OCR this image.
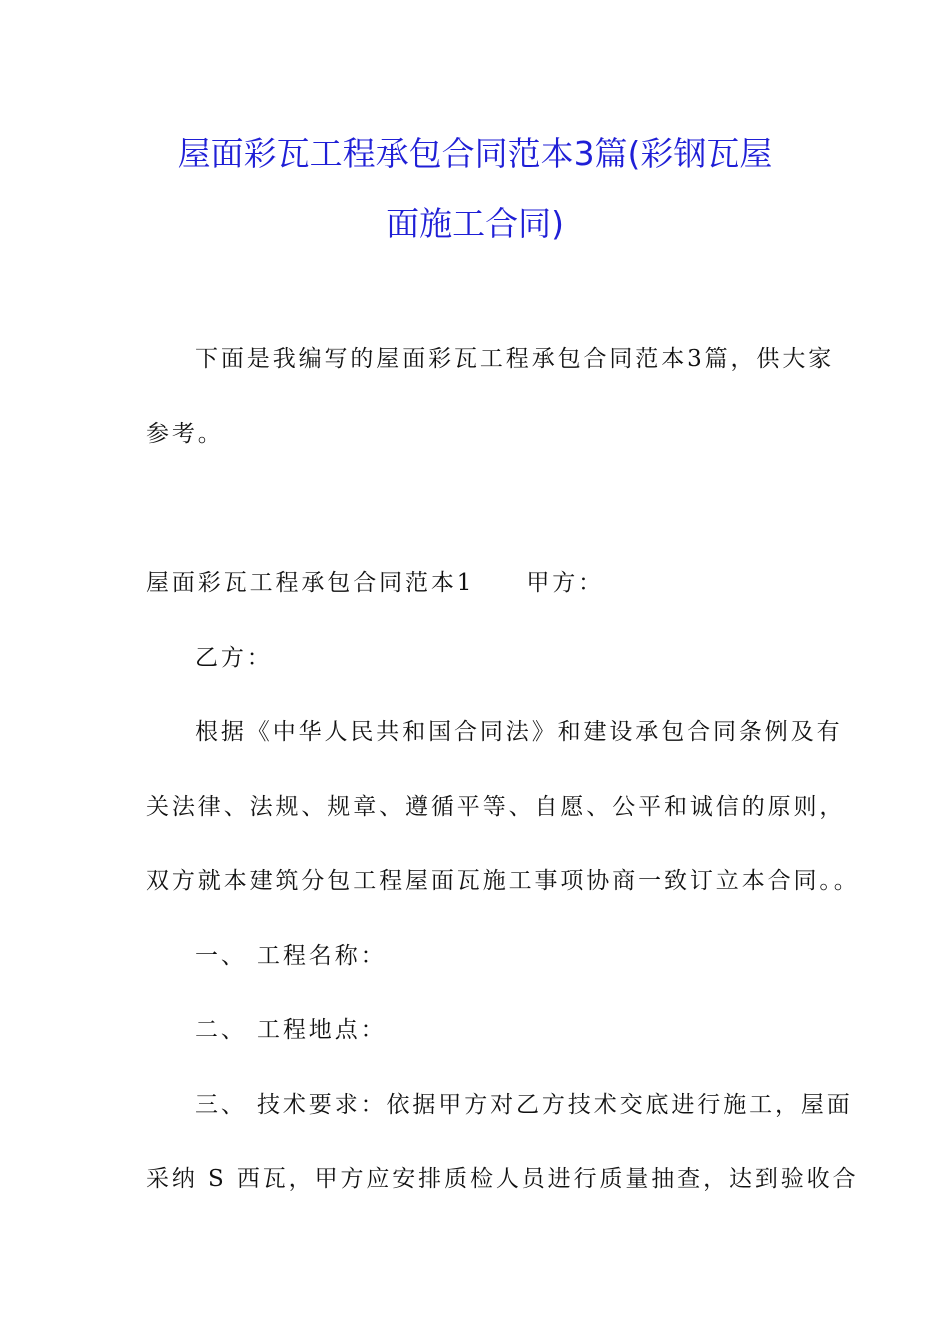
屋面彩瓦工程承包合同范本3篇(彩钢瓦屋
面施工合同)

下面是我编写的屋面彩瓦工程承包合同范本3篇，供大家

参考。

屋面彩瓦工程承包合同范本1 甲方：

乙方：

根据《中华人民共和国合同法》和建设承包合同条例及有

关法律、法规、规章、遵循平等、自愿、公平和诚信的原则，

双方就本建筑分包工程屋面瓦施工事项协商一致订立本合同。。

一、 工程名称：

二、 工程地点：

三、 技术要求：依据甲方对乙方技术交底进行施工，屋面

采纳 S 西瓦，甲方应安排质检人员进行质量抽查，达到验收合
